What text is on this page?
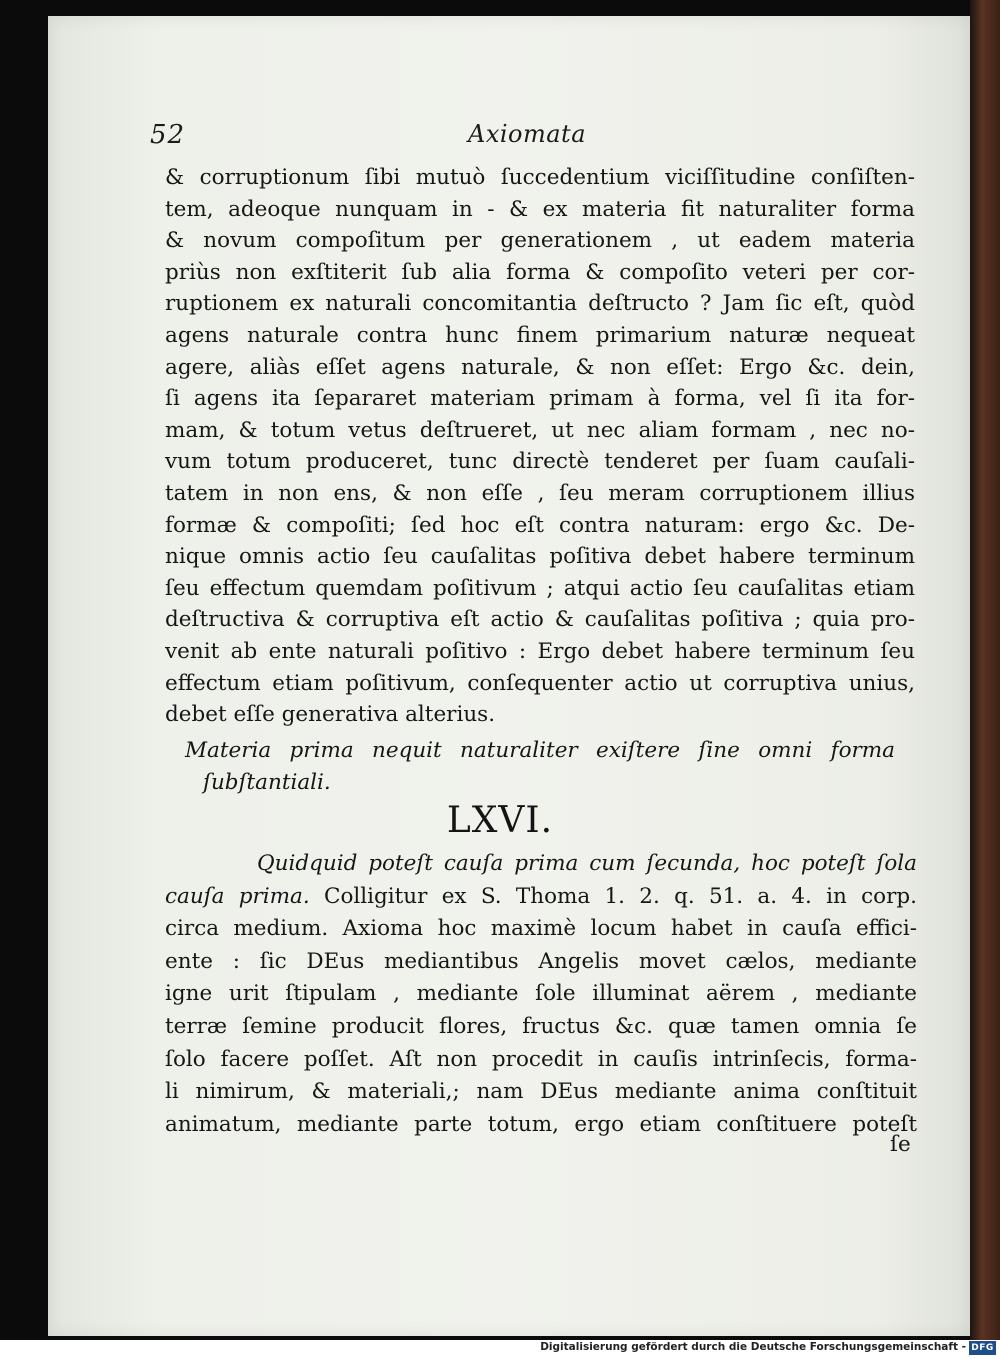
52	Axiomata
& corruptionum ſibi mutuò ſuccedentium viciſſitudine conſiſten-
tem, adeoque nunquam in - & ex materia fit naturaliter forma
& novum compoſitum per generationem , ut eadem materia
priùs non exſtiterit ſub alia forma & compoſito veteri per cor-
ruptionem ex naturali concomitantia deſtructo ? Jam ſic eſt, quòd
agens naturale contra hunc finem primarium naturæ nequeat
agere, aliàs eſſet agens naturale, & non eſſet: Ergo &c. dein,
ſi agens ita ſepararet materiam primam à forma, vel ſi ita for-
mam, & totum vetus deſtrueret, ut nec aliam formam , nec no-
vum totum produceret, tunc directè tenderet per ſuam cauſali-
tatem in non ens, & non eſſe , ſeu meram corruptionem illius
formæ & compoſiti; ſed hoc eſt contra naturam: ergo &c. De-
nique omnis actio ſeu cauſalitas poſitiva debet habere terminum
ſeu effectum quemdam poſitivum ; atqui actio ſeu cauſalitas etiam
deſtructiva & corruptiva eſt actio & cauſalitas poſitiva ; quia pro-
venit ab ente naturali poſitivo : Ergo debet habere terminum ſeu
effectum etiam poſitivum, conſequenter actio ut corruptiva unius,
debet eſſe generativa alterius.
Materia prima nequit naturaliter exiſtere ſine omni forma
ſubſtantiali.
LXVI.
Quidquid poteſt cauſa prima cum ſecunda, hoc poteſt ſola
cauſa prima. Colligitur ex S. Thoma 1. 2. q. 51. a. 4. in corp.
circa medium. Axioma hoc maximè locum habet in cauſa effici-
ente : ſic DEus mediantibus Angelis movet cælos, mediante
igne urit ſtipulam , mediante ſole illuminat aërem , mediante
terræ ſemine producit flores, fructus &c. quæ tamen omnia ſe
ſolo facere poſſet. Aſt non procedit in cauſis intrinſecis, forma-
li nimirum, & materiali,; nam DEus mediante anima conſtituit
animatum, mediante parte totum, ergo etiam conſtituere poteſt
ſe
Digitalisierung gefördert durch die Deutsche Forschungsgemeinschaft - DFG
